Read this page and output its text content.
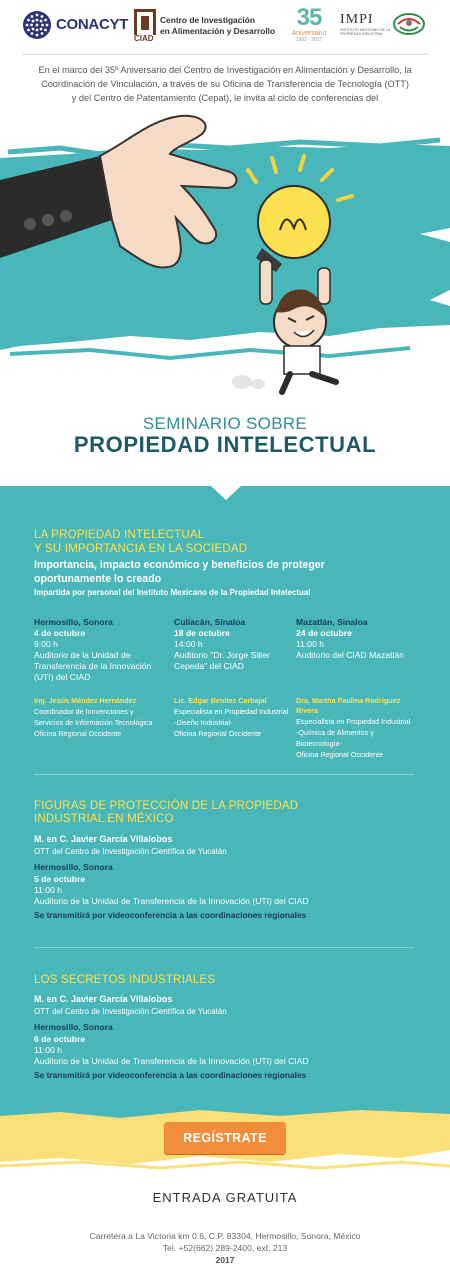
CONACYT
CIAD
Centro de Investigación
en Alimentación y Desarrollo 35
Aniversario
1982 - 2017
IMPI
INSTITUTO MEXICANO DE LA PROPIEDAD INDUSTRIAL

En el marco del 35º Aniversario del Centro de Investigación en Alimentación y Desarrollo, la Coordinación de Vinculación, a través de su Oficina de Transferencia de Tecnología (OTT) y del Centro de Patentamiento (Cepat), le invita al ciclo de conferencias del

SEMINARIO SOBRE
PROPIEDAD INTELECTUAL
LA PROPIEDAD INTELECTUAL
Y SU IMPORTANCIA EN LA SOCIEDAD
Importancia, impacto económico y beneficios de proteger
oportunamente lo creado
Impartida por personal del Instituto Mexicano de la Propiedad Intelectual
Hermosillo, Sonora
4 de octubre
9:00 h
Auditorio de la Unidad de
Transferencia de la Innovación
(UTI) del CIAD
Culiacán, Sinaloa
18 de octubre
14:00 h
Auditorio "Dr. Jorge Siller
Cepeda" del CIAD
Mazatlán, Sinaloa
24 de octubre
11:00 h
Auditorio del CIAD Mazatlán
Ing. Jesús Méndez Hernández
Coordinador de Innvenciones y
Servicios de Información Tecnológica
Oficina Regional Occidente
Lic. Edgar Benítez Carbajal
Especialista en Propiedad Industrial
-Diseño Industrial-
Oficina Regional Occidente
Dra. Martha Paulina Rodríguez Rivera
Especialista en Propiedad Industrial
-Química de Alimentos y Biotecnología-
Oficina Regional Occidente
FIGURAS DE PROTECCIÓN DE LA PROPIEDAD
INDUSTRIAL EN MÉXICO
M. en C. Javier García Villalobos
OTT del Centro de Investigación Científica de Yucatán
Hermosillo, Sonora
5 de octubre
11:00 h
Auditorio de la Unidad de Transferencia de la Innovación (UTI) del CIAD
Se transmitirá por videoconferencia a las coordinaciones regionales
LOS SECRETOS INDUSTRIALES
M. en C. Javier García Villalobos
OTT del Centro de Investigación Científica de Yucatán
Hermosillo, Sonora
6 de octubre
11:00 h
Auditorio de la Unidad de Transferencia de la Innovación (UTI) del CIAD
Se transmitirá por videoconferencia a las coordinaciones regionales
REGÍSTRATE
ENTRADA GRATUITA
Carretera a La Victoria km 0.6, C.P. 83304, Hermosillo, Sonora, México
Tel. +52(662) 289-2400, ext. 213
2017
